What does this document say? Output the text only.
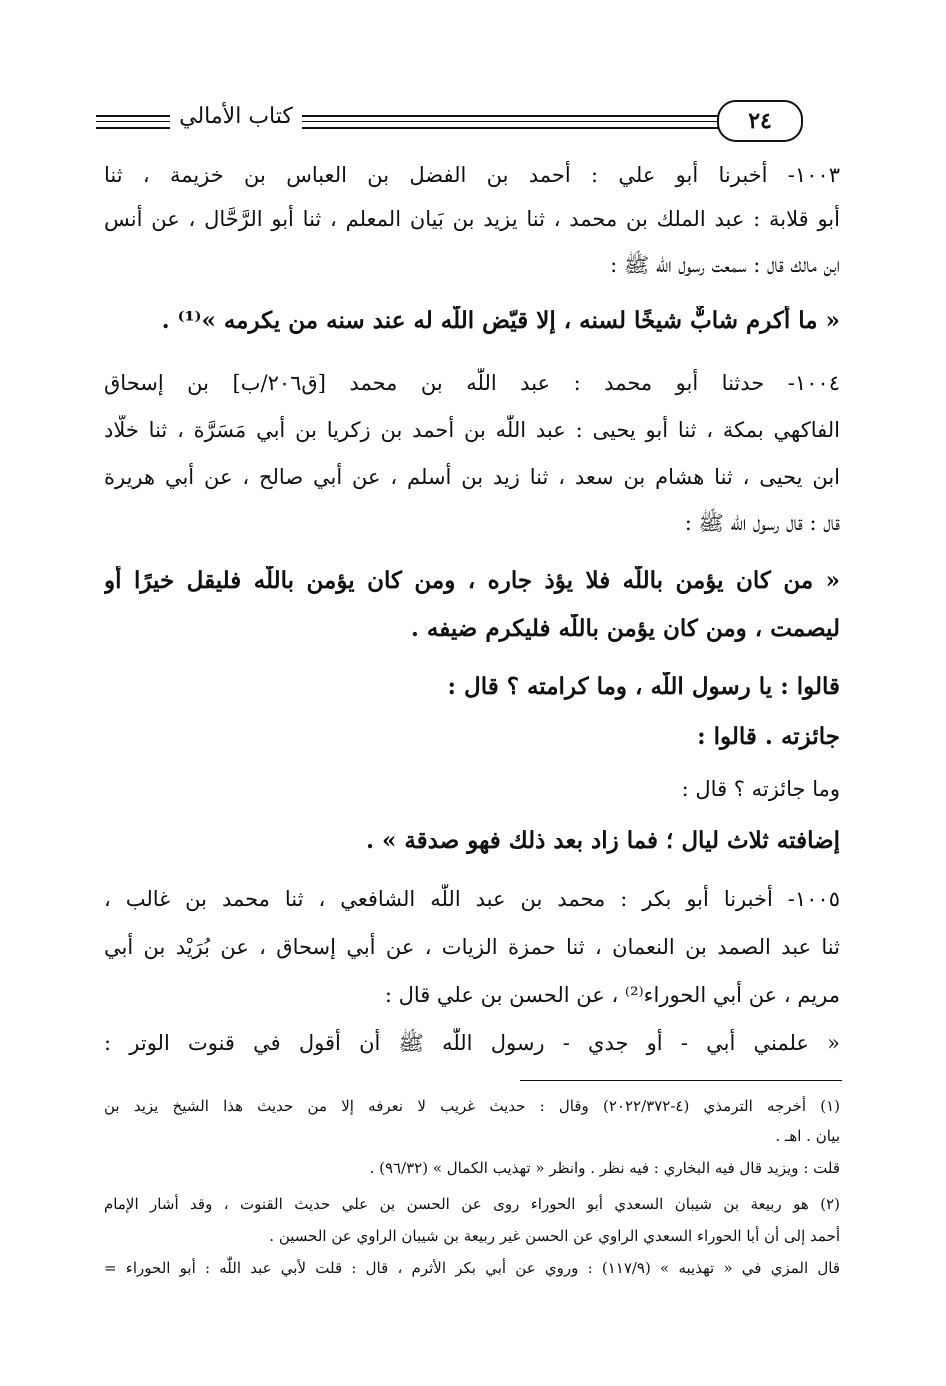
٢٤
كتاب الأمالي
١٠٠٣- أخبرنا أبو علي : أحمد بن الفضل بن العباس بن خزيمة ، ثنا
أبو قلابة : عبد الملك بن محمد ، ثنا يزيد بن بَيان المعلم ، ثنا أبو الرَّحَّال ، عن أنس
ابن مالك قال : سمعت رسول اللّٰه ﷺ :
« ما أكرم شابٌّ شيخًا لسنه ، إلا قيّض اللّٰه له عند سنه من يكرمه »⁽¹⁾ .
١٠٠٤- حدثنا أبو محمد : عبد اللّٰه بن محمد [ق٢٠٦/ب] بن إسحاق
الفاكهي بمكة ، ثنا أبو يحيى : عبد اللّٰه بن أحمد بن زكريا بن أبي مَسَرَّة ، ثنا خلَّاد
ابن يحيى ، ثنا هشام بن سعد ، ثنا زيد بن أسلم ، عن أبي صالح ، عن أبي هريرة
قال : قال رسول اللّٰه ﷺ :
« من كان يؤمن باللّٰه فلا يؤذ جاره ، ومن كان يؤمن باللّٰه فليقل خيرًا أو
ليصمت ، ومن كان يؤمن باللّٰه فليكرم ضيفه .
قالوا : يا رسول اللّٰه ، وما كرامته ؟ قال :
جائزته . قالوا :
وما جائزته ؟ قال :
إضافته ثلاث ليال ؛ فما زاد بعد ذلك فهو صدقة » .
١٠٠٥- أخبرنا أبو بكر : محمد بن عبد اللّٰه الشافعي ، ثنا محمد بن غالب ،
ثنا عبد الصمد بن النعمان ، ثنا حمزة الزيات ، عن أبي إسحاق ، عن بُرَيْد بن أبي
مريم ، عن أبي الحوراء⁽²⁾ ، عن الحسن بن علي قال :
« علمني أبي - أو جدي - رسول اللّٰه ﷺ أن أقول في قنوت الوتر :
(١) أخرجه الترمذي (٤-٢٠٢٢/٣٧٢) وقال : حديث غريب لا نعرفه إلا من حديث هذا الشيخ يزيد بن
بيان . اهـ .
قلت : ويزيد قال فيه البخاري : فيه نظر . وانظر « تهذيب الكمال » (٩٦/٣٢) .
(٢) هو ربيعة بن شيبان السعدي أبو الحوراء روى عن الحسن بن علي حديث القنوت ، وقد أشار الإمام
أحمد إلى أن أبا الحوراء السعدي الراوي عن الحسن غير ربيعة بن شيبان الراوي عن الحسين .
قال المزي في « تهذيبه » (١١٧/٩) : وروي عن أبي بكر الأثرم ، قال : قلت لأبي عبد اللّٰه : أبو الحوراء =
